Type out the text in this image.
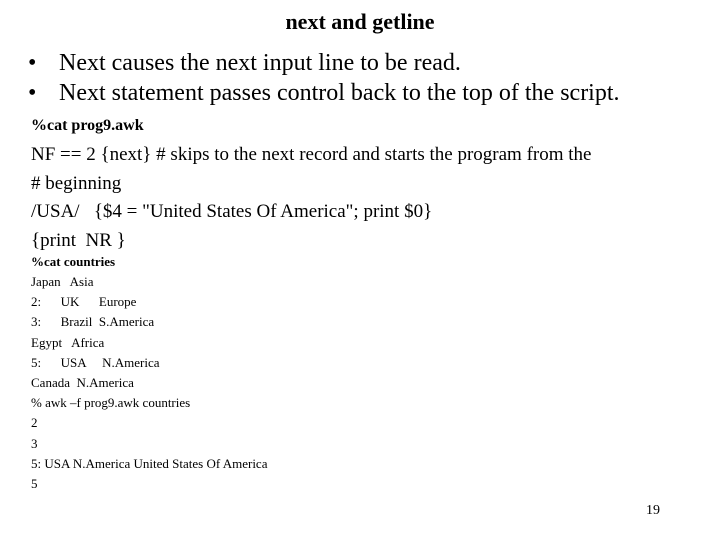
next and getline
• Next causes the next input line to be read.
• Next statement passes control back to the top of the script.
%cat prog9.awk
NF == 2 {next} # skips to the next record and starts the program from the
# beginning
/USA/   {$4 = "United States Of America"; print $0}
{print  NR }
%cat countries
Japan   Asia
2:      UK      Europe
3:      Brazil  S.America
Egypt   Africa
5:      USA     N.America
Canada  N.America
% awk –f prog9.awk countries
2
3
5: USA N.America United States Of America
5
19
